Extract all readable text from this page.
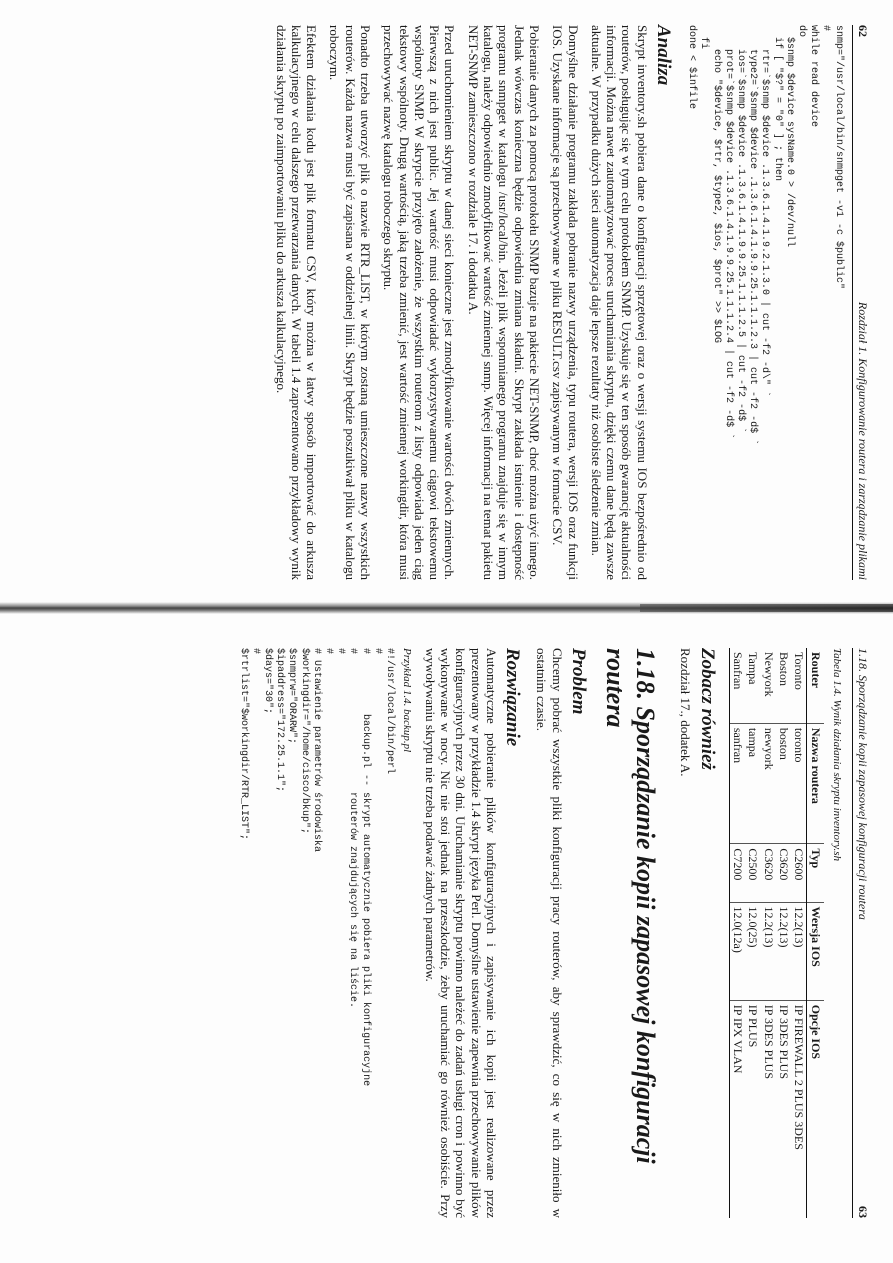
62
Rozdział 1. Konfigurowanie routera i zarządzanie plikami
snmp="/usr/local/bin/snmpget -v1 -c $public"
#
while read device
do
$snmp $device sysName.0 > /dev/null
if [ "$?" = "0" ] ; then
rtr=`$snmp $device .1.3.6.1.4.1.9.2.1.3.0 | cut -f2 -d\" `
type2=`$snmp $device .1.3.6.1.4.1.9.9.25.1.1.1.2.3 | cut -f2 -d$ `
ios=`$snmp $device .1.3.6.1.4.1.9.9.25.1.1.1.2.5 | cut -f2 -d$ `
prot=`$snmp $device .1.3.6.1.4.1.9.9.25.1.1.1.2.4 | cut -f2 -d$ `
echo "$device, $rtr, $type2, $ios, $prot" >> $LOG
fi
done < $infile
Analiza

Skrypt inventory.sh pobiera dane o konfiguracji sprzętowej oraz o wersji systemu IOS bezpośrednio od routerów, posługując się w tym celu protokołem SNMP. Uzyskuje się w ten sposób gwarancję aktualności informacji. Można nawet zautomatyzować proces uruchamiania skryptu, dzięki czemu dane będą zawsze aktualne. W przypadku dużych sieci automatyzacja daje lepsze rezultaty niż osobiste śledzenie zmian.

Domyślne działanie programu zakłada pobranie nazwy urządzenia, typu routera, wersji IOS oraz funkcji IOS. Uzyskane informacje są przechowywane w pliku RESULT.csv zapisywanym w formacie CSV.

Pobieranie danych za pomocą protokołu SNMP bazuje na pakiecie NET-SNMP, choć można użyć innego. Jednak wówczas konieczna będzie odpowiednia zmiana składni. Skrypt zakłada istnienie i dostępność programu snmpget w katalogu /usr/local/bin. Jeżeli plik wspomnianego programu znajduje się w innym katalogu, należy odpowiednio zmodyfikować wartość zmiennej snmp. Więcej informacji na temat pakietu NET-SNMP zamieszczono w rozdziale 17. i dodatku A.

Przed uruchomieniem skryptu w danej sieci konieczne jest zmodyfikowanie wartości dwóch zmiennych. Pierwszą z nich jest public. Jej wartość musi odpowiadać wykorzystywanemu ciągowi tekstowemu wspólnoty SNMP. W skrypcie przyjęto założenie, że wszystkim routerom z listy odpowiada jeden ciąg tekstowy wspólnoty. Drugą wartością, jaką trzeba zmienić, jest wartość zmiennej workingdir, która musi przechowywać nazwę katalogu roboczego skryptu.

Ponadto trzeba utworzyć plik o nazwie RTR_LIST, w którym zostaną umieszczone nazwy wszystkich routerów. Każda nazwa musi być zapisana w oddzielnej linii. Skrypt będzie poszukiwał pliku w katalogu roboczym.

Efektem działania kodu jest plik formatu CSV, który można w łatwy sposób importować do arkusza kalkulacyjnego w celu dalszego przetwarzania danych. W tabeli 1.4 zaprezentowano przykładowy wynik działania skryptu po zaimportowaniu pliku do arkusza kalkulacyjnego.

1.18. Sporządzanie kopii zapasowej konfiguracji routera
63
Tabela 1.4. Wynik działania skryptu inventory.sh
Router	Nazwa routera	Typ	Wersja IOS	Opcje IOS
Toronto	toronto	C2600	12.2(13)	IP FIREWALL 2 PLUS 3DES
Boston	boston	C3620	12.2(13)	IP 3DES PLUS
Newyork	newyork	C3620	12.2(13)	IP 3DES PLUS
Tampa	tampa	C2500	12.0(25)	IP PLUS
Sanfran	sanfran	C7200	12.0(12a)	IP IPX VLAN
Zobacz również

Rozdział 17., dodatek A.

1.18. Sporządzanie kopii zapasowej konfiguracji routera
Problem

Chcemy pobrać wszystkie pliki konfiguracji pracy routerów, aby sprawdzić, co się w nich zmieniło w ostatnim czasie.

Rozwiązanie

Automatyczne pobieranie plików konfiguracyjnych i zapisywanie ich kopii jest realizowane przez prezentowany w przykładzie 1.4 skrypt języka Perl. Domyślne ustawienie zapewnia przechowywanie plików konfiguracyjnych przez 30 dni. Uruchamianie skryptu powinno należeć do zadań usługi cron i powinno być wykonywane w nocy. Nic nie stoi jednak na przeszkodzie, żeby uruchamiać go również osobiście. Przy wywoływaniu skryptu nie trzeba podawać żadnych parametrów.

Przykład 1.4. backup.pl
#!/usr/local/bin/perl
#
#          backup.pl -- skrypt automatycznie pobiera pliki konfiguracyjne
#                       routerów znajdujących się na liście.
#
#
# Ustawienie parametrów środowiska
$workingdir="/home/cisco/bkup";
$snmprw="ORARW";
$ipaddress="172.25.1.1";
$days="30";
#
$rtrlist="$workingdir/RTR_LIST";
